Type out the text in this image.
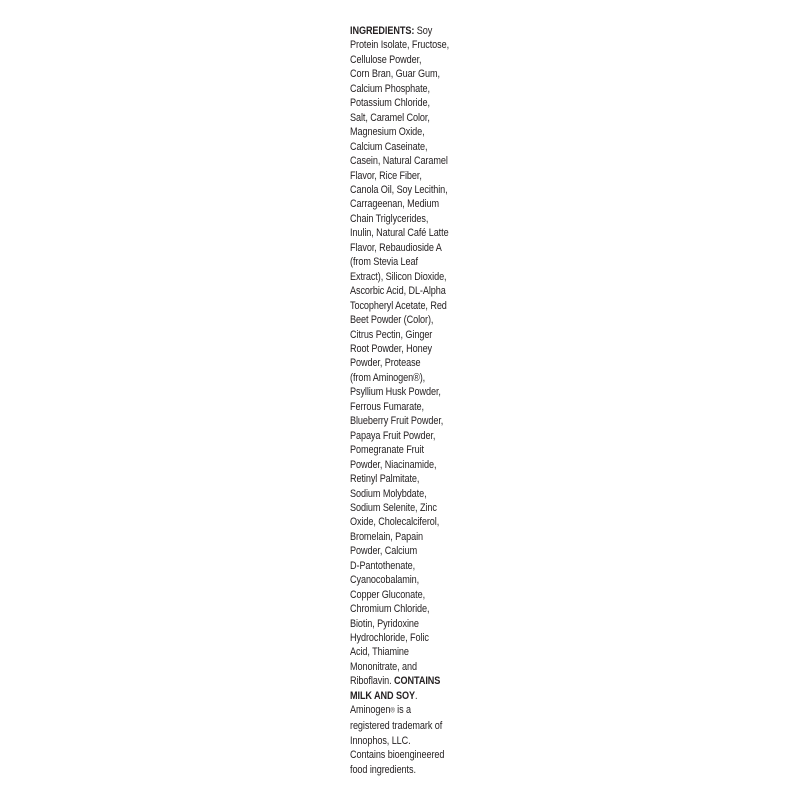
INGREDIENTS: Soy
Protein Isolate, Fructose,
Cellulose Powder,
Corn Bran, Guar Gum,
Calcium Phosphate,
Potassium Chloride,
Salt, Caramel Color,
Magnesium Oxide,
Calcium Caseinate,
Casein, Natural Caramel
Flavor, Rice Fiber,
Canola Oil, Soy Lecithin,
Carrageenan, Medium
Chain Triglycerides,
Inulin, Natural Café Latte
Flavor, Rebaudioside A
(from Stevia Leaf
Extract), Silicon Dioxide,
Ascorbic Acid, DL-Alpha
Tocopheryl Acetate, Red
Beet Powder (Color),
Citrus Pectin, Ginger
Root Powder, Honey
Powder, Protease
(from Aminogen®),
Psyllium Husk Powder,
Ferrous Fumarate,
Blueberry Fruit Powder,
Papaya Fruit Powder,
Pomegranate Fruit
Powder, Niacinamide,
Retinyl Palmitate,
Sodium Molybdate,
Sodium Selenite, Zinc
Oxide, Cholecalciferol,
Bromelain, Papain
Powder, Calcium
D-Pantothenate,
Cyanocobalamin,
Copper Gluconate,
Chromium Chloride,
Biotin, Pyridoxine
Hydrochloride, Folic
Acid, Thiamine
Mononitrate, and
Riboflavin. CONTAINS
MILK AND SOY.
Aminogen® is a
registered trademark of
Innophos, LLC.
Contains bioengineered
food ingredients.
